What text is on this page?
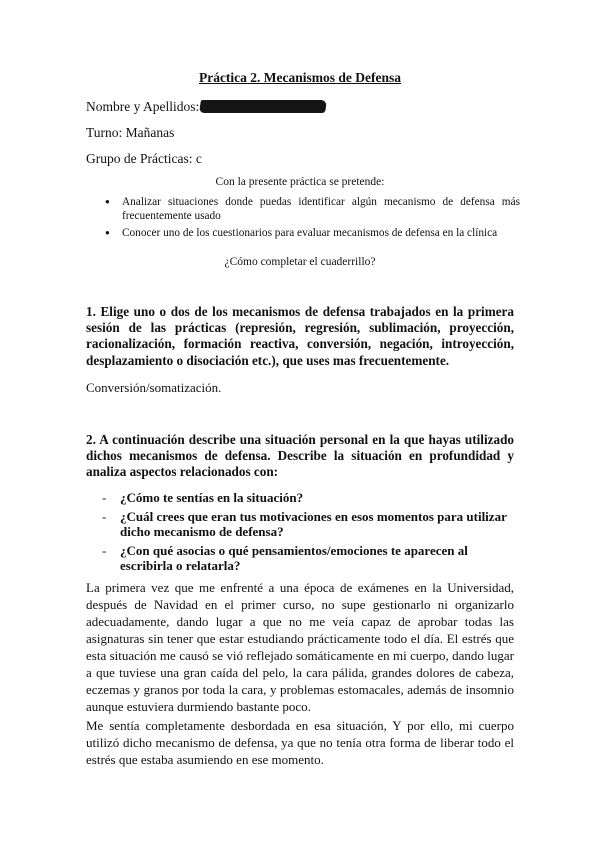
Práctica 2. Mecanismos de Defensa
Nombre y Apellidos:
Turno: Mañanas
Grupo de Prácticas: c
Con la presente práctica se pretende:
● Analizar situaciones donde puedas identificar algún mecanismo de defensa más frecuentemente usado
● Conocer uno de los cuestionarios para evaluar mecanismos de defensa en la clínica
¿Cómo completar el cuaderrillo?
1. Elige uno o dos de los mecanismos de defensa trabajados en la primera sesión de las prácticas (represión, regresión, sublimación, proyección, racionalización, formación reactiva, conversión, negación, introyección, desplazamiento o disociación etc.), que uses mas frecuentemente.
Conversión/somatización.
2. A continuación describe una situación personal en la que hayas utilizado dichos mecanismos de defensa. Describe la situación en profundidad y analiza aspectos relacionados con:
- ¿Cómo te sentías en la situación?
- ¿Cuál crees que eran tus motivaciones en esos momentos para utilizar dicho mecanismo de defensa?
- ¿Con qué asocias o qué pensamientos/emociones te aparecen al escribirla o relatarla?
La primera vez que me enfrenté a una época de exámenes en la Universidad, después de Navidad en el primer curso, no supe gestionarlo ni organizarlo adecuadamente, dando lugar a que no me veía capaz de aprobar todas las asignaturas sin tener que estar estudiando prácticamente todo el día. El estrés que esta situación me causó se vió reflejado somáticamente en mi cuerpo, dando lugar a que tuviese una gran caída del pelo, la cara pálida, grandes dolores de cabeza, eczemas y granos por toda la cara, y problemas estomacales, además de insomnio aunque estuviera durmiendo bastante poco.
Me sentía completamente desbordada en esa situación, Y por ello, mi cuerpo utilizó dicho mecanismo de defensa, ya que no tenía otra forma de liberar todo el estrés que estaba asumiendo en ese momento.
